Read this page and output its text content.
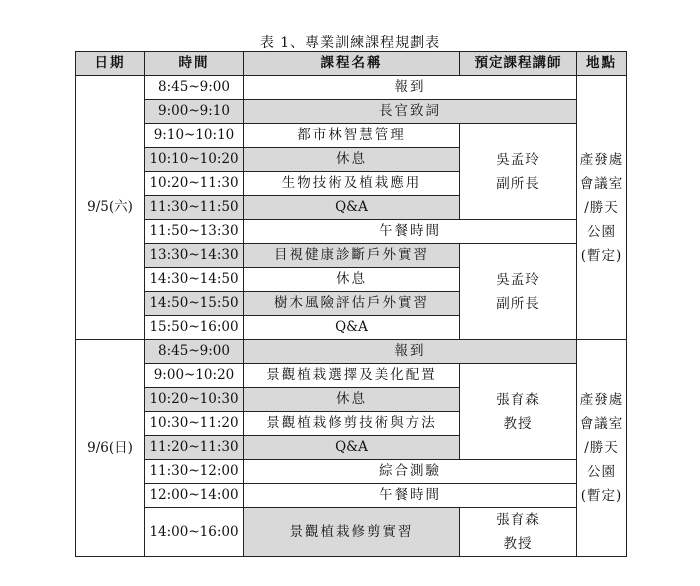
表 1、專業訓練課程規劃表
日期	時間	課程名稱	預定課程講師	地點
9/5(六)	8:45~9:00	報到		產發處
會議室
/勝天
公園
(暫定)

	9:00~9:10	長官致詞		
	9:10~10:10	都市林智慧管理	吳孟玲
副所長	

	10:10~10:20	休息		
	10:20~11:30	生物技術及植栽應用		
	11:30~11:50	Q&A		
	11:50~13:30	午餐時間		
	13:30~14:30	目視健康診斷戶外實習	吳孟玲
副所長	

	14:30~14:50	休息		
	14:50~15:50	樹木風險評估戶外實習		
	15:50~16:00	Q&A		
9/6(日)	8:45~9:00	報到		產發處
會議室
/勝天
公園
(暫定)

	9:00~10:20	景觀植栽選擇及美化配置	張育森
教授	

	10:20~10:30	休息		
	10:30~11:20	景觀植栽修剪技術與方法		
	11:20~11:30	Q&A		
	11:30~12:00	綜合測驗		
	12:00~14:00	午餐時間		
	14:00~16:00	景觀植栽修剪實習	張育森
教授	
